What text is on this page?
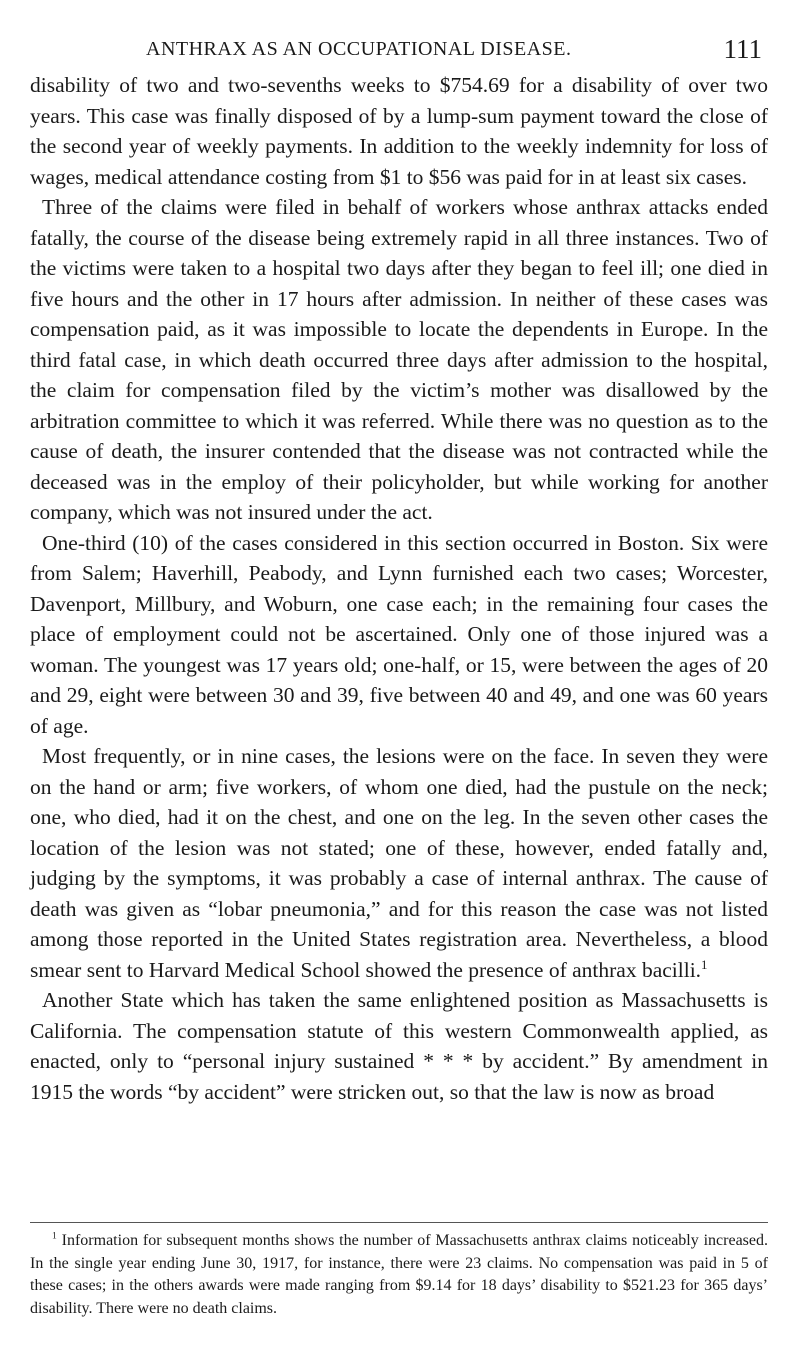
ANTHRAX AS AN OCCUPATIONAL DISEASE.	111

disability of two and two-sevenths weeks to $754.69 for a disability of over two years. This case was finally disposed of by a lump-sum payment toward the close of the second year of weekly payments. In addition to the weekly indemnity for loss of wages, medical attendance costing from $1 to $56 was paid for in at least six cases.

Three of the claims were filed in behalf of workers whose anthrax attacks ended fatally, the course of the disease being extremely rapid in all three instances. Two of the victims were taken to a hospital two days after they began to feel ill; one died in five hours and the other in 17 hours after admission. In neither of these cases was compensation paid, as it was impossible to locate the dependents in Europe. In the third fatal case, in which death occurred three days after admission to the hospital, the claim for compensation filed by the victim’s mother was disallowed by the arbitration committee to which it was referred. While there was no question as to the cause of death, the insurer contended that the disease was not contracted while the deceased was in the employ of their policyholder, but while working for another company, which was not insured under the act.

One-third (10) of the cases considered in this section occurred in Boston. Six were from Salem; Haverhill, Peabody, and Lynn furnished each two cases; Worcester, Davenport, Millbury, and Woburn, one case each; in the remaining four cases the place of employment could not be ascertained. Only one of those injured was a woman. The youngest was 17 years old; one-half, or 15, were between the ages of 20 and 29, eight were between 30 and 39, five between 40 and 49, and one was 60 years of age.

Most frequently, or in nine cases, the lesions were on the face. In seven they were on the hand or arm; five workers, of whom one died, had the pustule on the neck; one, who died, had it on the chest, and one on the leg. In the seven other cases the location of the lesion was not stated; one of these, however, ended fatally and, judging by the symptoms, it was probably a case of internal anthrax. The cause of death was given as “lobar pneumonia,” and for this reason the case was not listed among those reported in the United States registration area. Nevertheless, a blood smear sent to Harvard Medical School showed the presence of anthrax bacilli.$^1$

Another State which has taken the same enlightened position as Massachusetts is California. The compensation statute of this western Commonwealth applied, as enacted, only to “personal injury sustained * * * by accident.” By amendment in 1915 the words “by accident” were stricken out, so that the law is now as broad

$^1$ Information for subsequent months shows the number of Massachusetts anthrax claims noticeably increased. In the single year ending June 30, 1917, for instance, there were 23 claims. No compensation was paid in 5 of these cases; in the others awards were made ranging from $9.14 for 18 days’ disability to $521.23 for 365 days’ disability. There were no death claims.
